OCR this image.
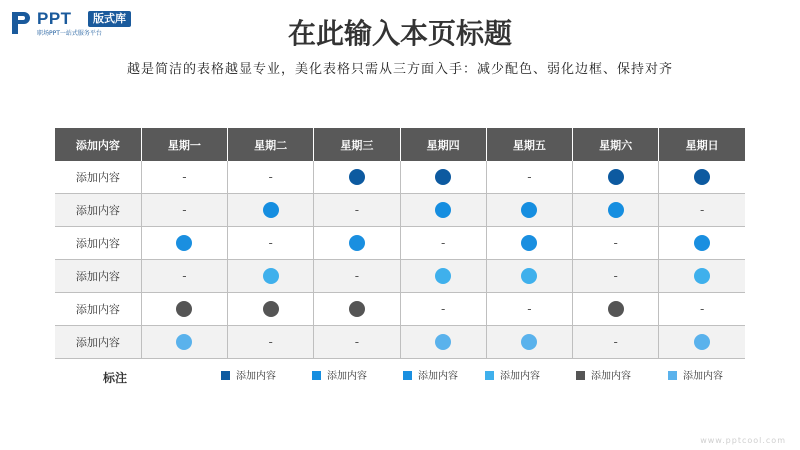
PPT	版式库
职场PPT一站式服务平台	在此输入本页标题
越是简洁的表格越显专业，美化表格只需从三方面入手：减少配色、弱化边框、保持对齐
添加内容	星期一	星期二	星期三	星期四	星期五	星期六	星期日
添加内容	-	-			-		
添加内容	-		-				-
添加内容		-		-		-	
添加内容	-		-			-	
添加内容				-	-		-
添加内容		-	-			-	
标注	添加内容	添加内容	添加内容	添加内容	添加内容	添加内容
www.pptcool.com
